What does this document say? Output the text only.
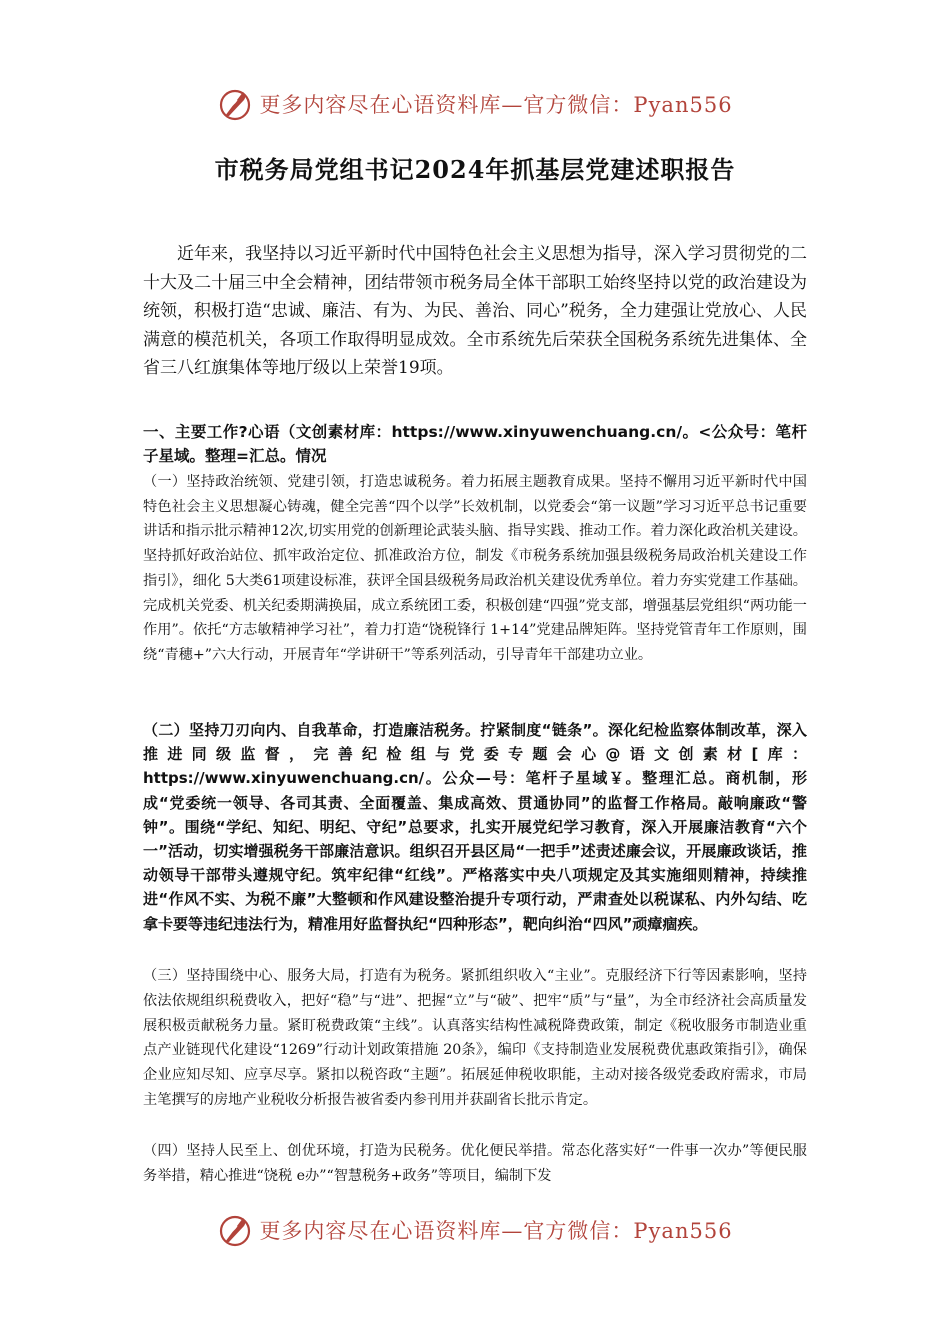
更多内容尽在心语资料库—官方微信：Pyan556
市税务局党组书记2024年抓基层党建述职报告

近年来，我坚持以习近平新时代中国特色社会主义思想为指导，深入学习贯彻党的二十大及二十届三中全会精神，团结带领市税务局全体干部职工始终坚持以党的政治建设为统领，积极打造“忠诚、廉洁、有为、为民、善治、同心”税务，全力建强让党放心、人民满意的模范机关，各项工作取得明显成效。全市系统先后荣获全国税务系统先进集体、全省三八红旗集体等地厅级以上荣誉19项。

一、主要工作?心语（文创素材库：https://www.xinyuwenchuang.cn/。<公众号：笔杆子星域。整理=汇总。情况

（一）坚持政治统领、党建引领，打造忠诚税务。着力拓展主题教育成果。坚持不懈用习近平新时代中国特色社会主义思想凝心铸魂，健全完善“四个以学”长效机制，以党委会“第一议题”学习习近平总书记重要讲话和指示批示精神12次,切实用党的创新理论武装头脑、指导实践、推动工作。着力深化政治机关建设。坚持抓好政治站位、抓牢政治定位、抓准政治方位，制发《市税务系统加强县级税务局政治机关建设工作指引》，细化 5大类61项建设标准，获评全国县级税务局政治机关建设优秀单位。着力夯实党建工作基础。完成机关党委、机关纪委期满换届，成立系统团工委，积极创建“四强”党支部，增强基层党组织“两功能一作用”。依托“方志敏精神学习社”，着力打造“饶税锋行 1+14”党建品牌矩阵。坚持党管青年工作原则，围绕“青穗+”六大行动，开展青年“学讲研干”等系列活动，引导青年干部建功立业。

（二）坚持刀刃向内、自我革命，打造廉洁税务。拧紧制度“链条”。深化纪检监察体制改革，深入推进同级监督，完善纪检组与党委专题会心@语文创素材[库：https://www.xinyuwenchuang.cn/。公众—号：笔杆子星域￥。整理汇总。商机制，形成“党委统一领导、各司其责、全面覆盖、集成高效、贯通协同”的监督工作格局。敲响廉政“警钟”。围绕“学纪、知纪、明纪、守纪”总要求，扎实开展党纪学习教育，深入开展廉洁教育“六个一”活动，切实增强税务干部廉洁意识。组织召开县区局“一把手”述责述廉会议，开展廉政谈话，推动领导干部带头遵规守纪。筑牢纪律“红线”。严格落实中央八项规定及其实施细则精神，持续推进“作风不实、为税不廉”大整顿和作风建设整治提升专项行动，严肃查处以税谋私、内外勾结、吃拿卡要等违纪违法行为，精准用好监督执纪“四种形态”，靶向纠治“四风”顽瘴痼疾。

（三）坚持围绕中心、服务大局，打造有为税务。紧抓组织收入“主业”。克服经济下行等因素影响，坚持依法依规组织税费收入，把好“稳”与“进”、把握“立”与“破”、把牢“质”与“量”，为全市经济社会高质量发展积极贡献税务力量。紧盯税费政策“主线”。认真落实结构性减税降费政策，制定《税收服务市制造业重点产业链现代化建设“1269”行动计划政策措施 20条》，编印《支持制造业发展税费优惠政策指引》，确保企业应知尽知、应享尽享。紧扣以税咨政“主题”。拓展延伸税收职能，主动对接各级党委政府需求，市局主笔撰写的房地产业税收分析报告被省委内参刊用并获副省长批示肯定。

（四）坚持人民至上、创优环境，打造为民税务。优化便民举措。常态化落实好“一件事一次办”等便民服务举措，精心推进“饶税 e办”“智慧税务+政务”等项目，编制下发

更多内容尽在心语资料库—官方微信：Pyan556
